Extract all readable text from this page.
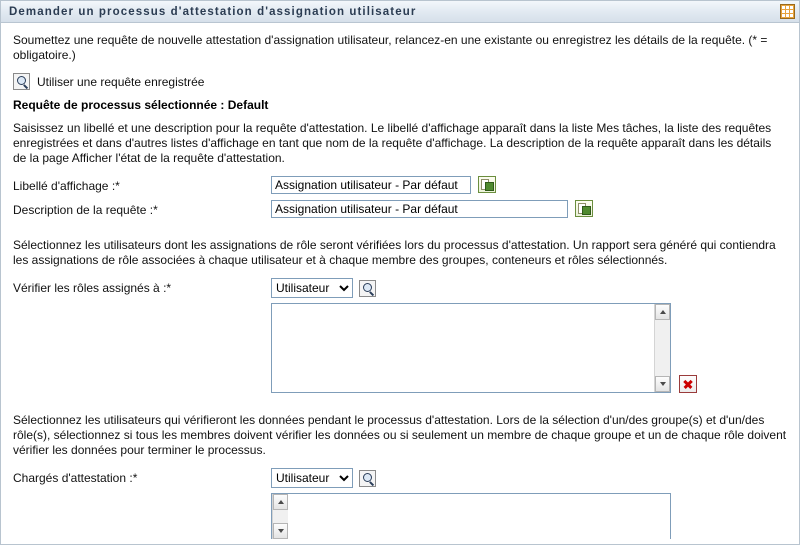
Demander un processus d'attestation d'assignation utilisateur

Soumettez une requête de nouvelle attestation d'assignation utilisateur, relancez-en une existante ou enregistrez les détails de la requête. (* = obligatoire.)

Utiliser une requête enregistrée
Requête de processus sélectionnée : Default

Saisissez un libellé et une description pour la requête d'attestation. Le libellé d'affichage apparaît dans la liste Mes tâches, la liste des requêtes enregistrées et dans d'autres listes d'affichage en tant que nom de la requête d'affichage. La description de la requête apparaît dans les détails de la page Afficher l'état de la requête d'attestation.

Libellé d'affichage :*
Assignation utilisateur - Par défaut
Description de la requête :*
Assignation utilisateur - Par défaut

Sélectionnez les utilisateurs dont les assignations de rôle seront vérifiées lors du processus d'attestation. Un rapport sera généré qui contiendra les assignations de rôle associées à chaque utilisateur et à chaque membre des groupes, conteneurs et rôles sélectionnés.

Vérifier les rôles assignés à :*
Utilisateur

Sélectionnez les utilisateurs qui vérifieront les données pendant le processus d'attestation. Lors de la sélection d'un/des groupe(s) et d'un/des rôle(s), sélectionnez si tous les membres doivent vérifier les données ou si seulement un membre de chaque groupe et un de chaque rôle doivent vérifier les données pour terminer le processus.

Chargés d'attestation :*
Utilisateur
